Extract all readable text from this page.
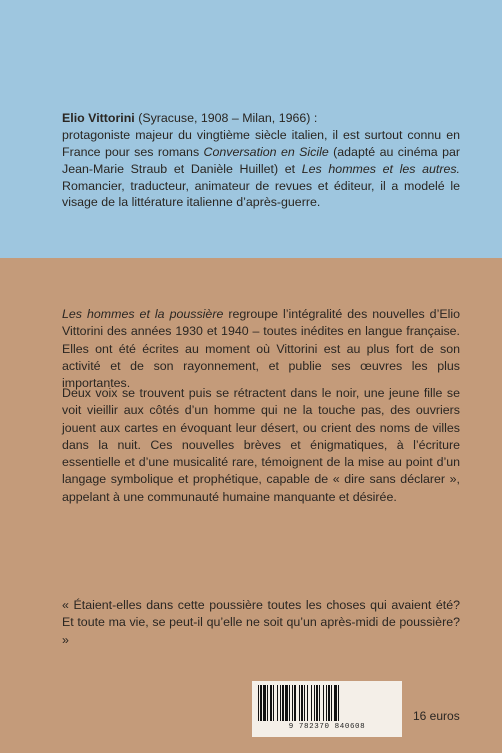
Elio Vittorini (Syracuse, 1908 – Milan, 1966) :
protagoniste majeur du vingtième siècle italien, il est surtout connu en France pour ses romans Conversation en Sicile (adapté au cinéma par Jean-Marie Straub et Danièle Huillet) et Les hommes et les autres. Romancier, traducteur, animateur de revues et éditeur, il a modelé le visage de la littérature italienne d’après-guerre.

Les hommes et la poussière regroupe l’intégralité des nouvelles d’Elio Vittorini des années 1930 et 1940 – toutes inédites en langue française. Elles ont été écrites au moment où Vittorini est au plus fort de son activité et de son rayonnement, et publie ses œuvres les plus importantes.

Deux voix se trouvent puis se rétractent dans le noir, une jeune fille se voit vieillir aux côtés d’un homme qui ne la touche pas, des ouvriers jouent aux cartes en évoquant leur désert, ou crient des noms de villes dans la nuit. Ces nouvelles brèves et énigmatiques, à l’écriture essentielle et d’une musicalité rare, témoignent de la mise au point d’un langage symbolique et prophétique, capable de « dire sans déclarer », appelant à une communauté humaine manquante et désirée.

« Étaient-elles dans cette poussière toutes les choses qui avaient été? Et toute ma vie, se peut-il qu’elle ne soit qu’un après-midi de poussière? »

9 782370 840608
16 euros
